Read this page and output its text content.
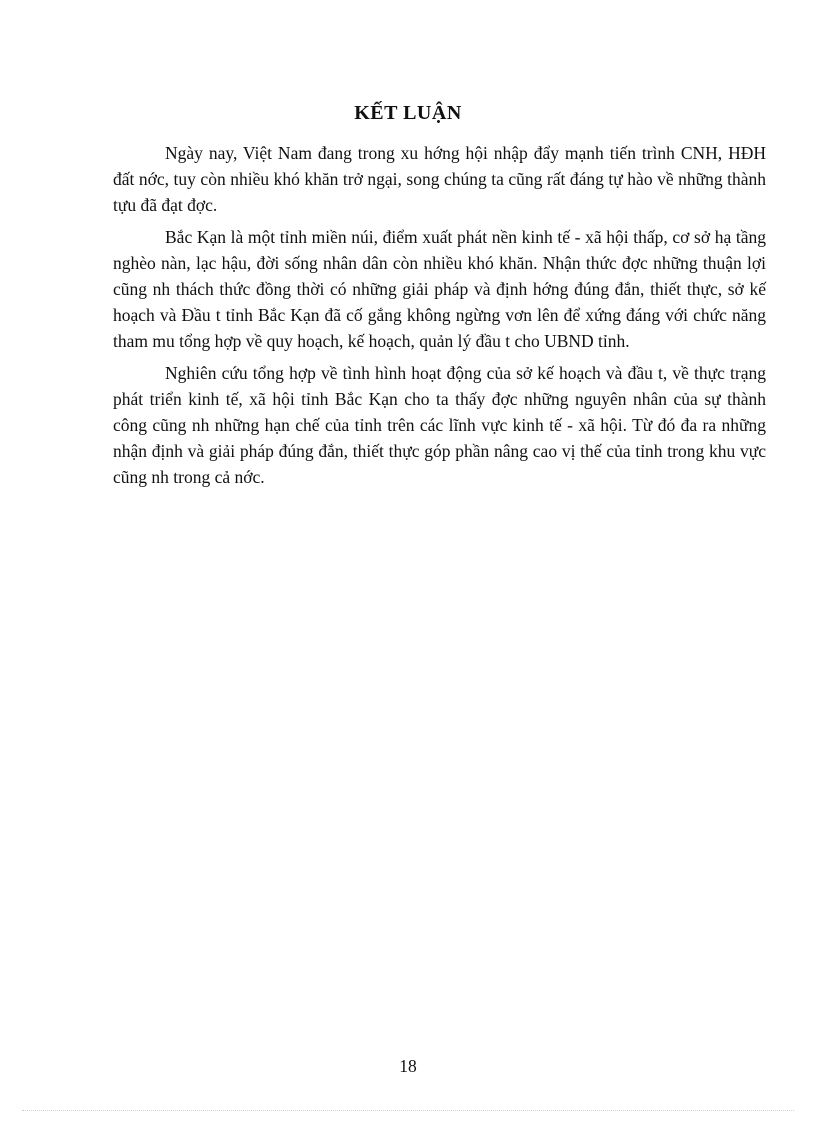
KẾT LUẬN

Ngày nay, Việt Nam đang trong xu hớng hội nhập đẩy mạnh tiến trình CNH, HĐH đất nớc, tuy còn nhiều khó khăn trở ngại, song chúng ta cũng rất đáng tự hào về những thành tựu đã đạt đợc.

Bắc Kạn là một tỉnh miền núi, điểm xuất phát nền kinh tế - xã hội thấp, cơ sở hạ tầng nghèo nàn, lạc hậu, đời sống nhân dân còn nhiều khó khăn. Nhận thức đợc những thuận lợi cũng nh thách thức đồng thời có những giải pháp và định hớng đúng đắn, thiết thực, sở kế hoạch và Đầu t tỉnh Bắc Kạn đã cố gắng không ngừng vơn lên để xứng đáng với chức năng tham mu tổng hợp về quy hoạch, kế hoạch, quản lý đầu t cho UBND tỉnh.

Nghiên cứu tổng hợp về tình hình hoạt động của sở kế hoạch và đầu t, về thực trạng phát triển kinh tế, xã hội tỉnh Bắc Kạn cho ta thấy đợc những nguyên nhân của sự thành công cũng nh những hạn chế của tỉnh trên các lĩnh vực kinh tế - xã hội. Từ đó đa ra những nhận định và giải pháp đúng đắn, thiết thực góp phần nâng cao vị thế của tỉnh trong khu vực cũng nh trong cả nớc.

18
